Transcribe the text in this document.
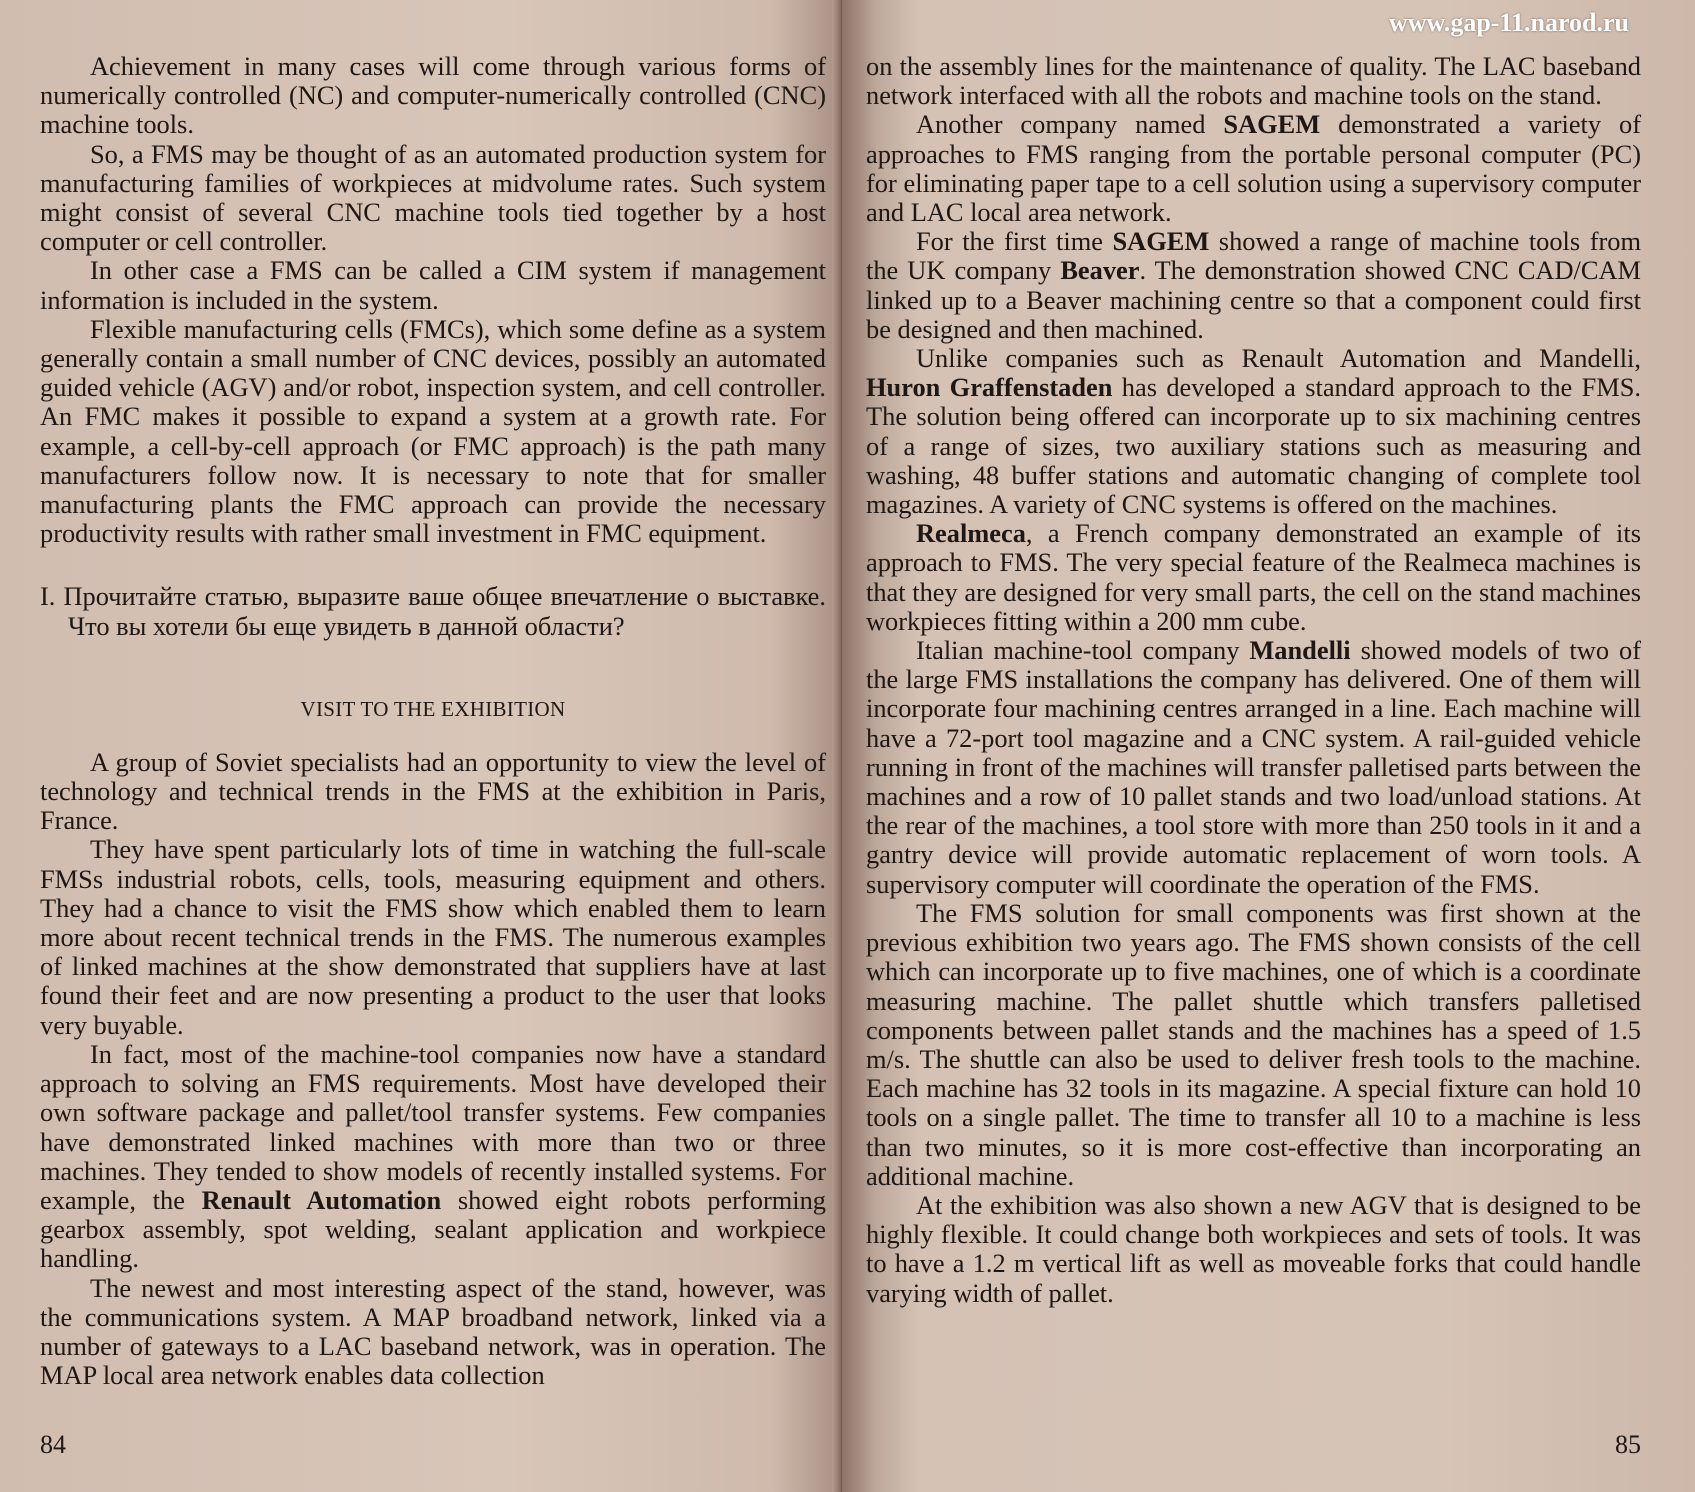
Achievement in many cases will come through various forms of numerically controlled (NC) and computer-numerically controlled (CNC) machine tools.

So, a FMS may be thought of as an automated production system for manufacturing families of workpieces at midvolume rates. Such system might consist of several CNC machine tools tied together by a host computer or cell controller.

In other case a FMS can be called a CIM system if management information is included in the system.

Flexible manufacturing cells (FMCs), which some define as a system generally contain a small number of CNC devices, possibly an automated guided vehicle (AGV) and/or robot, inspection system, and cell controller. An FMC makes it possible to expand a system at a growth rate. For example, a cell-by-cell approach (or FMC approach) is the path many manufacturers follow now. It is necessary to note that for smaller manufacturing plants the FMC approach can provide the necessary productivity results with rather small investment in FMC equipment.

I. Прочитайте статью, выразите ваше общее впечатление о выставке. Что вы хотели бы еще увидеть в данной области?
VISIT TO THE EXHIBITION

A group of Soviet specialists had an opportunity to view the level of technology and technical trends in the FMS at the exhibition in Paris, France.

They have spent particularly lots of time in watching the full-scale FMSs industrial robots, cells, tools, measuring equipment and others. They had a chance to visit the FMS show which enabled them to learn more about recent technical trends in the FMS. The numerous examples of linked machines at the show demonstrated that suppliers have at last found their feet and are now presenting a product to the user that looks very buyable.

In fact, most of the machine-tool companies now have a standard approach to solving an FMS requirements. Most have developed their own software package and pallet/tool transfer systems. Few companies have demonstrated linked machines with more than two or three machines. They tended to show models of recently installed systems. For example, the Renault Automation showed eight robots performing gearbox assembly, spot welding, sealant application and workpiece handling.

The newest and most interesting aspect of the stand, however, was the communications system. A MAP broadband network, linked via a number of gateways to a LAC baseband network, was in operation. The MAP local area network enables data collection

84
www.gap-11.narod.ru

on the assembly lines for the maintenance of quality. The LAC baseband network interfaced with all the robots and machine tools on the stand.

Another company named SAGEM demonstrated a variety of approaches to FMS ranging from the portable personal computer (PC) for eliminating paper tape to a cell solution using a supervisory computer and LAC local area network.

For the first time SAGEM showed a range of machine tools from the UK company Beaver. The demonstration showed CNC CAD/CAM linked up to a Beaver machining centre so that a component could first be designed and then machined.

Unlike companies such as Renault Automation and Mandelli, Huron Graffenstaden has developed a standard approach to the FMS. The solution being offered can incorporate up to six machining centres of a range of sizes, two auxiliary stations such as measuring and washing, 48 buffer stations and automatic changing of complete tool magazines. A variety of CNC systems is offered on the machines.

Realmeca, a French company demonstrated an example of its approach to FMS. The very special feature of the Realmeca machines is that they are designed for very small parts, the cell on the stand machines workpieces fitting within a 200 mm cube.

Italian machine-tool company Mandelli showed models of two of the large FMS installations the company has delivered. One of them will incorporate four machining centres arranged in a line. Each machine will have a 72-port tool magazine and a CNC system. A rail-guided vehicle running in front of the machines will transfer palletised parts between the machines and a row of 10 pallet stands and two load/unload stations. At the rear of the machines, a tool store with more than 250 tools in it and a gantry device will provide automatic replacement of worn tools. A supervisory computer will coordinate the operation of the FMS.

The FMS solution for small components was first shown at the previous exhibition two years ago. The FMS shown consists of the cell which can incorporate up to five machines, one of which is a coordinate measuring machine. The pallet shuttle which transfers palletised components between pallet stands and the machines has a speed of 1.5 m/s. The shuttle can also be used to deliver fresh tools to the machine. Each machine has 32 tools in its magazine. A special fixture can hold 10 tools on a single pallet. The time to transfer all 10 to a machine is less than two minutes, so it is more cost-effective than incorporating an additional machine.

At the exhibition was also shown a new AGV that is designed to be highly flexible. It could change both workpieces and sets of tools. It was to have a 1.2 m vertical lift as well as moveable forks that could handle varying width of pallet.

85
